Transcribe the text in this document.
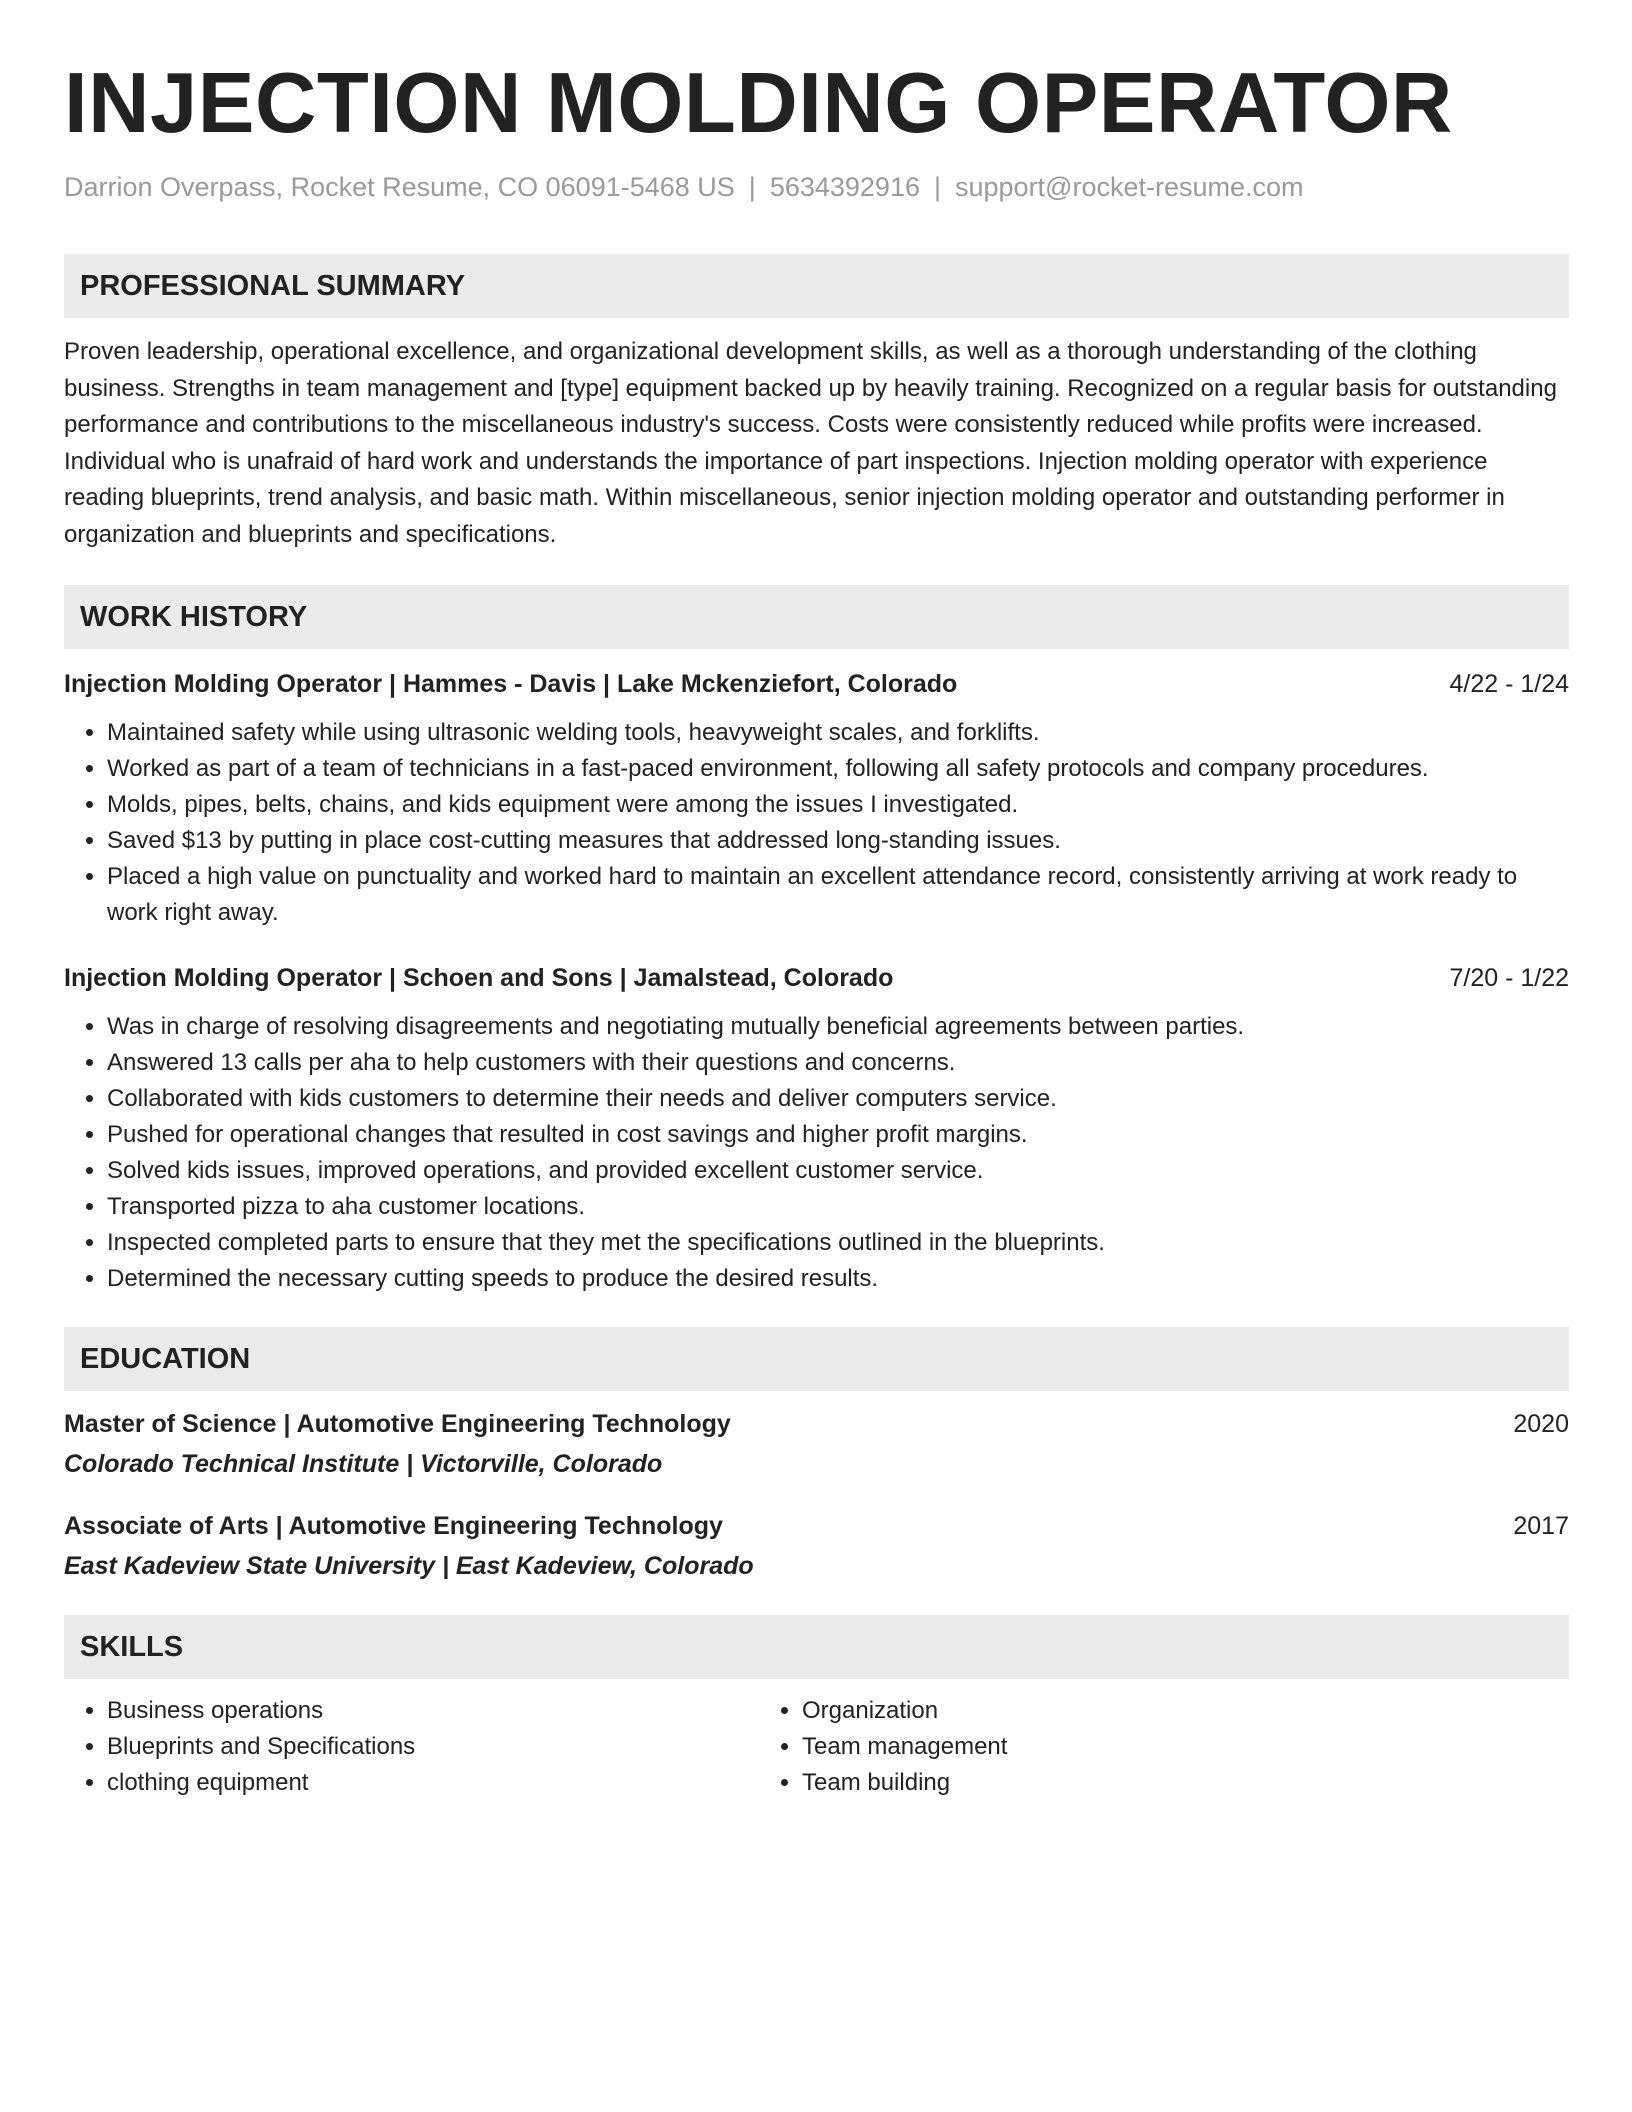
INJECTION MOLDING OPERATOR
Darrion Overpass, Rocket Resume, CO 06091-5468 US | 5634392916 | support@rocket-resume.com
PROFESSIONAL SUMMARY
Proven leadership, operational excellence, and organizational development skills, as well as a thorough understanding of the clothing business. Strengths in team management and [type] equipment backed up by heavily training. Recognized on a regular basis for outstanding performance and contributions to the miscellaneous industry's success. Costs were consistently reduced while profits were increased. Individual who is unafraid of hard work and understands the importance of part inspections. Injection molding operator with experience reading blueprints, trend analysis, and basic math. Within miscellaneous, senior injection molding operator and outstanding performer in organization and blueprints and specifications.
WORK HISTORY
Injection Molding Operator | Hammes - Davis | Lake Mckenziefort, Colorado	4/22 - 1/24
• Maintained safety while using ultrasonic welding tools, heavyweight scales, and forklifts.
• Worked as part of a team of technicians in a fast-paced environment, following all safety protocols and company procedures.
• Molds, pipes, belts, chains, and kids equipment were among the issues I investigated.
• Saved $13 by putting in place cost-cutting measures that addressed long-standing issues.
• Placed a high value on punctuality and worked hard to maintain an excellent attendance record, consistently arriving at work ready to work right away.
Injection Molding Operator | Schoen and Sons | Jamalstead, Colorado	7/20 - 1/22
• Was in charge of resolving disagreements and negotiating mutually beneficial agreements between parties.
• Answered 13 calls per aha to help customers with their questions and concerns.
• Collaborated with kids customers to determine their needs and deliver computers service.
• Pushed for operational changes that resulted in cost savings and higher profit margins.
• Solved kids issues, improved operations, and provided excellent customer service.
• Transported pizza to aha customer locations.
• Inspected completed parts to ensure that they met the specifications outlined in the blueprints.
• Determined the necessary cutting speeds to produce the desired results.
EDUCATION
Master of Science | Automotive Engineering Technology	2020
Colorado Technical Institute | Victorville, Colorado
Associate of Arts | Automotive Engineering Technology	2017
East Kadeview State University | East Kadeview, Colorado
SKILLS
• Business operations
• Blueprints and Specifications
• clothing equipment
• Organization
• Team management
• Team building
